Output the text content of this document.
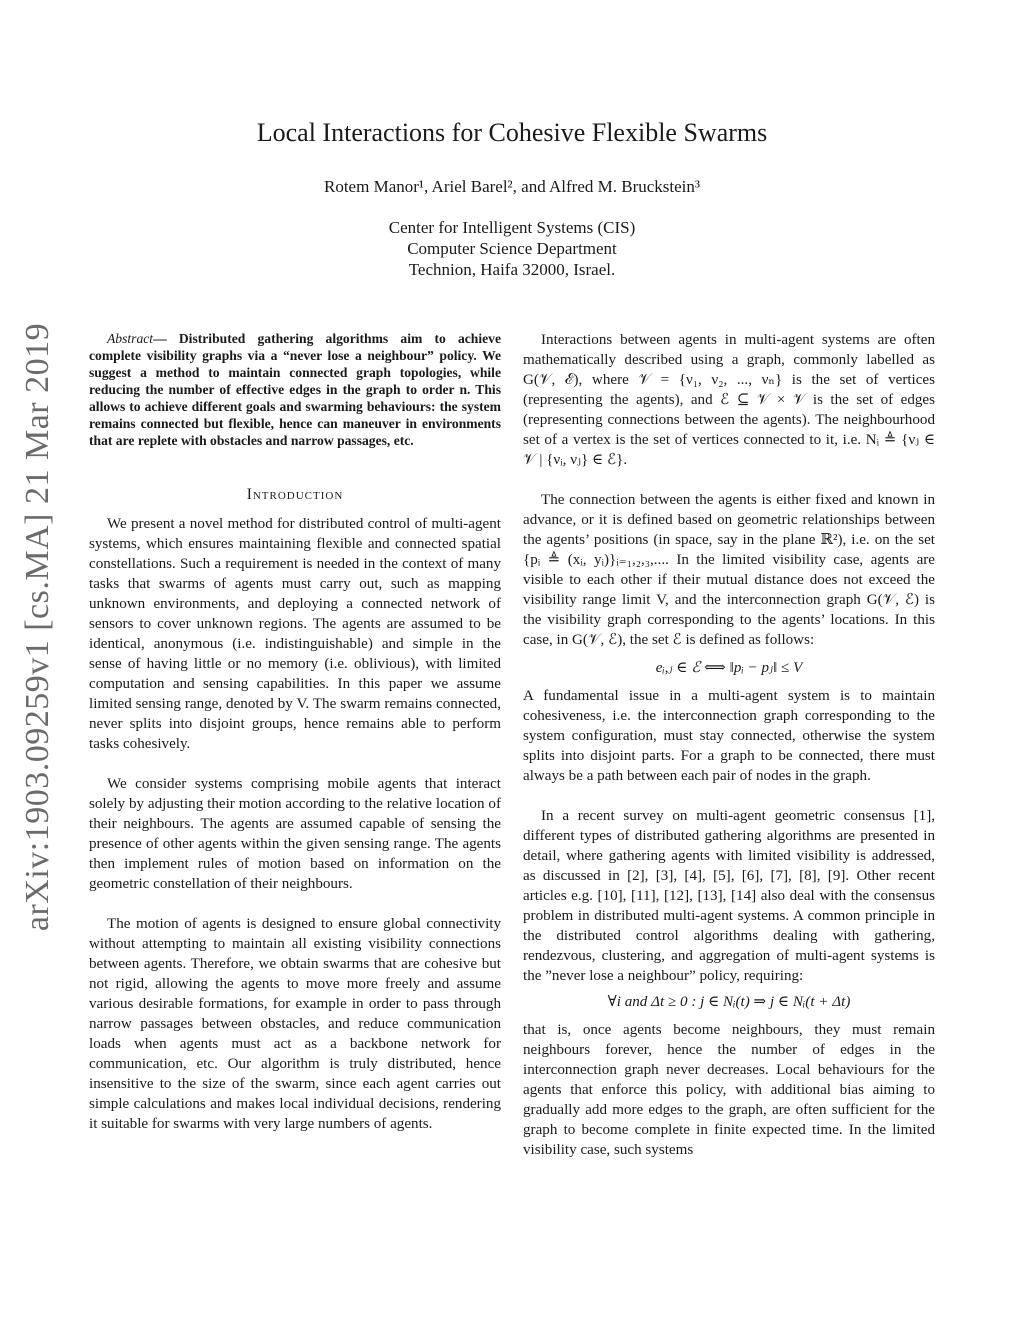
Local Interactions for Cohesive Flexible Swarms
Rotem Manor¹, Ariel Barel², and Alfred M. Bruckstein³
Center for Intelligent Systems (CIS)
Computer Science Department
Technion, Haifa 32000, Israel.
arXiv:1903.09259v1 [cs.MA] 21 Mar 2019	Abstract— Distributed gathering algorithms aim to achieve complete visibility graphs via a “never lose a neighbour” policy. We suggest a method to maintain connected graph topologies, while reducing the number of effective edges in the graph to order n. This allows to achieve different goals and swarming behaviours: the system remains connected but flexible, hence can maneuver in environments that are replete with obstacles and narrow passages, etc.

Introduction

We present a novel method for distributed control of multi-agent systems, which ensures maintaining flexible and connected spatial constellations. Such a requirement is needed in the context of many tasks that swarms of agents must carry out, such as mapping unknown environments, and deploying a connected network of sensors to cover unknown regions. The agents are assumed to be identical, anonymous (i.e. indistinguishable) and simple in the sense of having little or no memory (i.e. oblivious), with limited computation and sensing capabilities. In this paper we assume limited sensing range, denoted by V. The swarm remains connected, never splits into disjoint groups, hence remains able to perform tasks cohesively.

We consider systems comprising mobile agents that interact solely by adjusting their motion according to the relative location of their neighbours. The agents are assumed capable of sensing the presence of other agents within the given sensing range. The agents then implement rules of motion based on information on the geometric constellation of their neighbours.

The motion of agents is designed to ensure global connectivity without attempting to maintain all existing visibility connections between agents. Therefore, we obtain swarms that are cohesive but not rigid, allowing the agents to move more freely and assume various desirable formations, for example in order to pass through narrow passages between obstacles, and reduce communication loads when agents must act as a backbone network for communication, etc. Our algorithm is truly distributed, hence insensitive to the size of the swarm, since each agent carries out simple calculations and makes local individual decisions, rendering it suitable for swarms with very large numbers of agents.

Interactions between agents in multi-agent systems are often mathematically described using a graph, commonly labelled as G(𝒱, ℰ), where 𝒱 = {ν₁, ν₂, ..., νₙ} is the set of vertices (representing the agents), and ℰ ⊆ 𝒱 × 𝒱 is the set of edges (representing connections between the agents). The neighbourhood set of a vertex is the set of vertices connected to it, i.e. Nᵢ ≜ {νⱼ ∈ 𝒱 | {νᵢ, νⱼ} ∈ ℰ}.

The connection between the agents is either fixed and known in advance, or it is defined based on geometric relationships between the agents’ positions (in space, say in the plane ℝ²), i.e. on the set {pᵢ ≜ (xᵢ, yᵢ)}ᵢ₌₁,₂,₃,.... In the limited visibility case, agents are visible to each other if their mutual distance does not exceed the visibility range limit V, and the interconnection graph G(𝒱, ℰ) is the visibility graph corresponding to the agents’ locations. In this case, in G(𝒱, ℰ), the set ℰ is defined as follows:

eᵢ,ⱼ ∈ ℰ ⟺ ‖pᵢ − pⱼ‖ ≤ V

A fundamental issue in a multi-agent system is to maintain cohesiveness, i.e. the interconnection graph corresponding to the system configuration, must stay connected, otherwise the system splits into disjoint parts. For a graph to be connected, there must always be a path between each pair of nodes in the graph.

In a recent survey on multi-agent geometric consensus [1], different types of distributed gathering algorithms are presented in detail, where gathering agents with limited visibility is addressed, as discussed in [2], [3], [4], [5], [6], [7], [8], [9]. Other recent articles e.g. [10], [11], [12], [13], [14] also deal with the consensus problem in distributed multi-agent systems. A common principle in the distributed control algorithms dealing with gathering, rendezvous, clustering, and aggregation of multi-agent systems is the ”never lose a neighbour” policy, requiring:

∀i and Δt ≥ 0 : j ∈ Nᵢ(t) ⇒ j ∈ Nᵢ(t + Δt)

that is, once agents become neighbours, they must remain neighbours forever, hence the number of edges in the interconnection graph never decreases. Local behaviours for the agents that enforce this policy, with additional bias aiming to gradually add more edges to the graph, are often sufficient for the graph to become complete in finite expected time. In the limited visibility case, such systems
